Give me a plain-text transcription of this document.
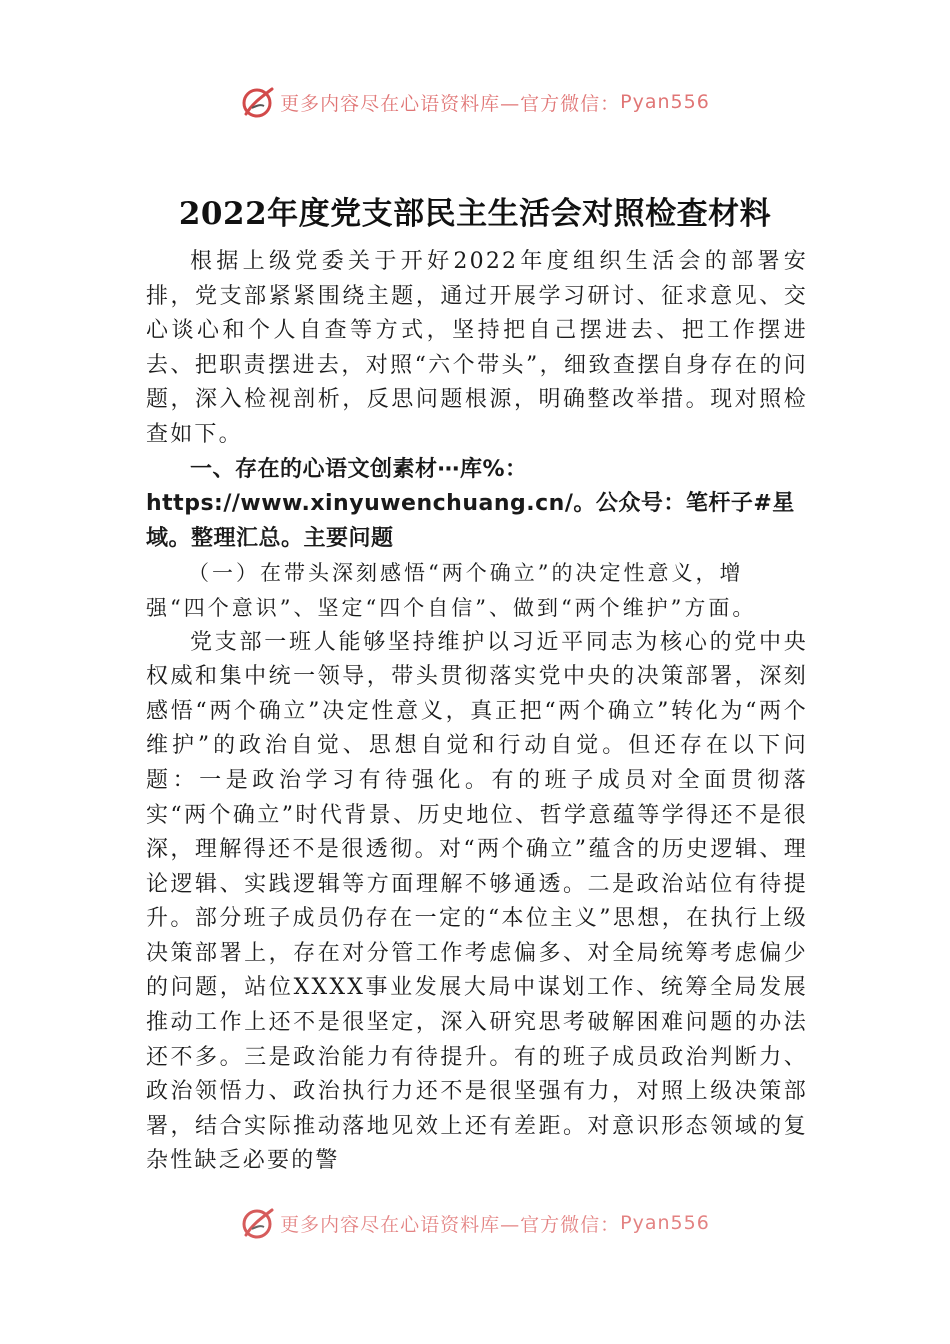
更多内容尽在心语资料库—官方微信： Pyan556
2022年度党支部民主生活会对照检查材料

根据上级党委关于开好2022年度组织生活会的部署安排，党支部紧紧围绕主题，通过开展学习研讨、征求意见、交心谈心和个人自查等方式，坚持把自己摆进去、把工作摆进去、把职责摆进去，对照“六个带头”，细致查摆自身存在的问题，深入检视剖析，反思问题根源，明确整改举措。现对照检查如下。

一、存在的心语文创素材⋯库%：https://www.xinyuwenchuang.cn/。公众号：笔杆子#星域。整理汇总。主要问题

（一）在带头深刻感悟“两个确立”的决定性意义，增强“四个意识”、坚定“四个自信”、做到“两个维护”方面。

党支部一班人能够坚持维护以习近平同志为核心的党中央权威和集中统一领导，带头贯彻落实党中央的决策部署，深刻感悟“两个确立”决定性意义，真正把“两个确立”转化为“两个维护”的政治自觉、思想自觉和行动自觉。但还存在以下问题：一是政治学习有待强化。有的班子成员对全面贯彻落实“两个确立”时代背景、历史地位、哲学意蕴等学得还不是很深，理解得还不是很透彻。对“两个确立”蕴含的历史逻辑、理论逻辑、实践逻辑等方面理解不够通透。二是政治站位有待提升。部分班子成员仍存在一定的“本位主义”思想，在执行上级决策部署上，存在对分管工作考虑偏多、对全局统筹考虑偏少的问题，站位XXXX事业发展大局中谋划工作、统筹全局发展推动工作上还不是很坚定，深入研究思考破解困难问题的办法还不多。三是政治能力有待提升。有的班子成员政治判断力、政治领悟力、政治执行力还不是很坚强有力，对照上级决策部署，结合实际推动落地见效上还有差距。对意识形态领域的复杂性缺乏必要的警

更多内容尽在心语资料库—官方微信： Pyan556
